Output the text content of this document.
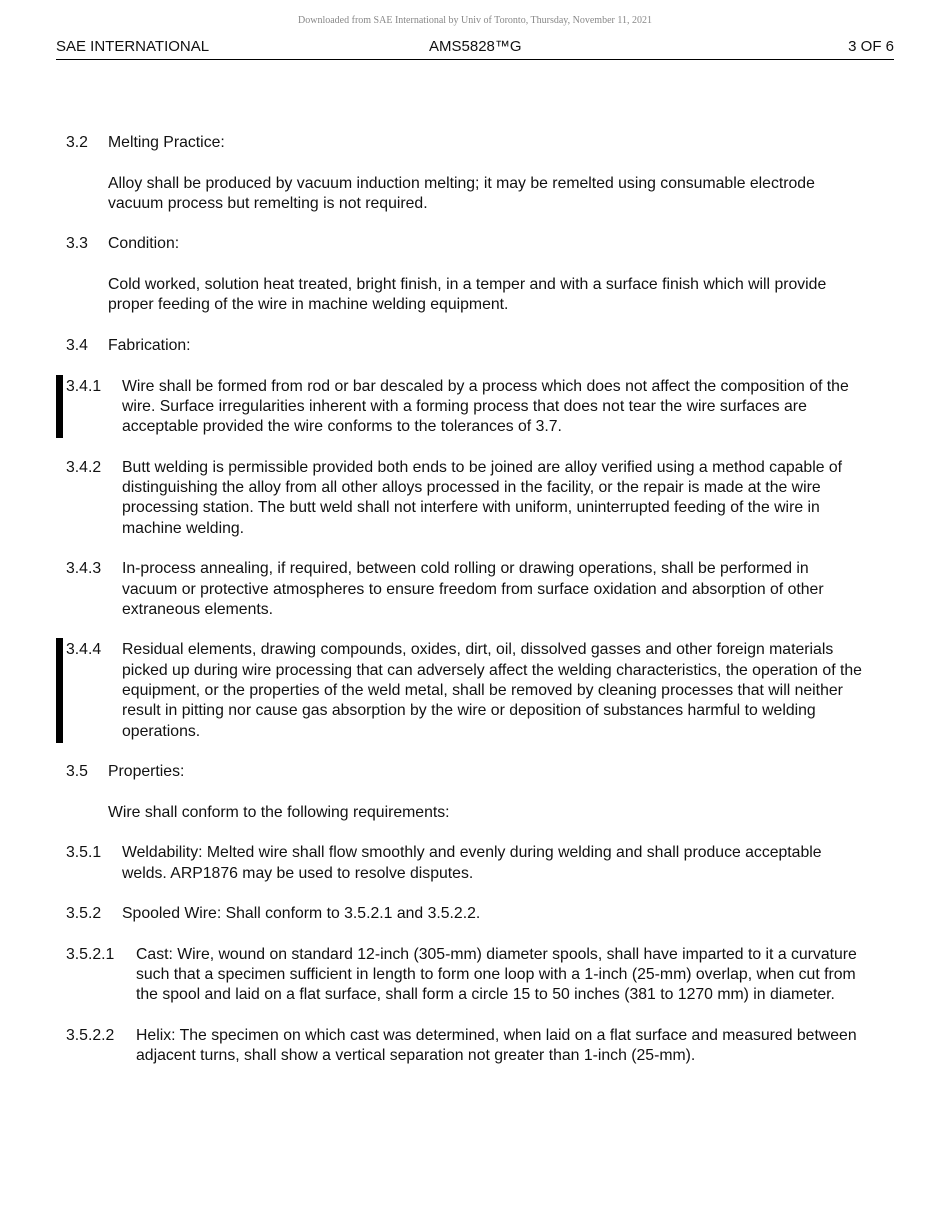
Downloaded from SAE International by Univ of Toronto, Thursday, November 11, 2021
SAE INTERNATIONAL	AMS5828™G	3 OF 6
3.2	Melting Practice:
Alloy shall be produced by vacuum induction melting; it may be remelted using consumable electrode vacuum process but remelting is not required.
3.3	Condition:
Cold worked, solution heat treated, bright finish, in a temper and with a surface finish which will provide proper feeding of the wire in machine welding equipment.
3.4	Fabrication:
3.4.1	Wire shall be formed from rod or bar descaled by a process which does not affect the composition of the wire. Surface irregularities inherent with a forming process that does not tear the wire surfaces are acceptable provided the wire conforms to the tolerances of 3.7.
3.4.2	Butt welding is permissible provided both ends to be joined are alloy verified using a method capable of distinguishing the alloy from all other alloys processed in the facility, or the repair is made at the wire processing station. The butt weld shall not interfere with uniform, uninterrupted feeding of the wire in machine welding.
3.4.3	In-process annealing, if required, between cold rolling or drawing operations, shall be performed in vacuum or protective atmospheres to ensure freedom from surface oxidation and absorption of other extraneous elements.
3.4.4	Residual elements, drawing compounds, oxides, dirt, oil, dissolved gasses and other foreign materials picked up during wire processing that can adversely affect the welding characteristics, the operation of the equipment, or the properties of the weld metal, shall be removed by cleaning processes that will neither result in pitting nor cause gas absorption by the wire or deposition of substances harmful to welding operations.
3.5	Properties:
Wire shall conform to the following requirements:
3.5.1	Weldability: Melted wire shall flow smoothly and evenly during welding and shall produce acceptable welds. ARP1876 may be used to resolve disputes.
3.5.2	Spooled Wire: Shall conform to 3.5.2.1 and 3.5.2.2.
3.5.2.1	Cast: Wire, wound on standard 12-inch (305-mm) diameter spools, shall have imparted to it a curvature such that a specimen sufficient in length to form one loop with a 1-inch (25-mm) overlap, when cut from the spool and laid on a flat surface, shall form a circle 15 to 50 inches (381 to 1270 mm) in diameter.
3.5.2.2	Helix: The specimen on which cast was determined, when laid on a flat surface and measured between adjacent turns, shall show a vertical separation not greater than 1-inch (25-mm).
